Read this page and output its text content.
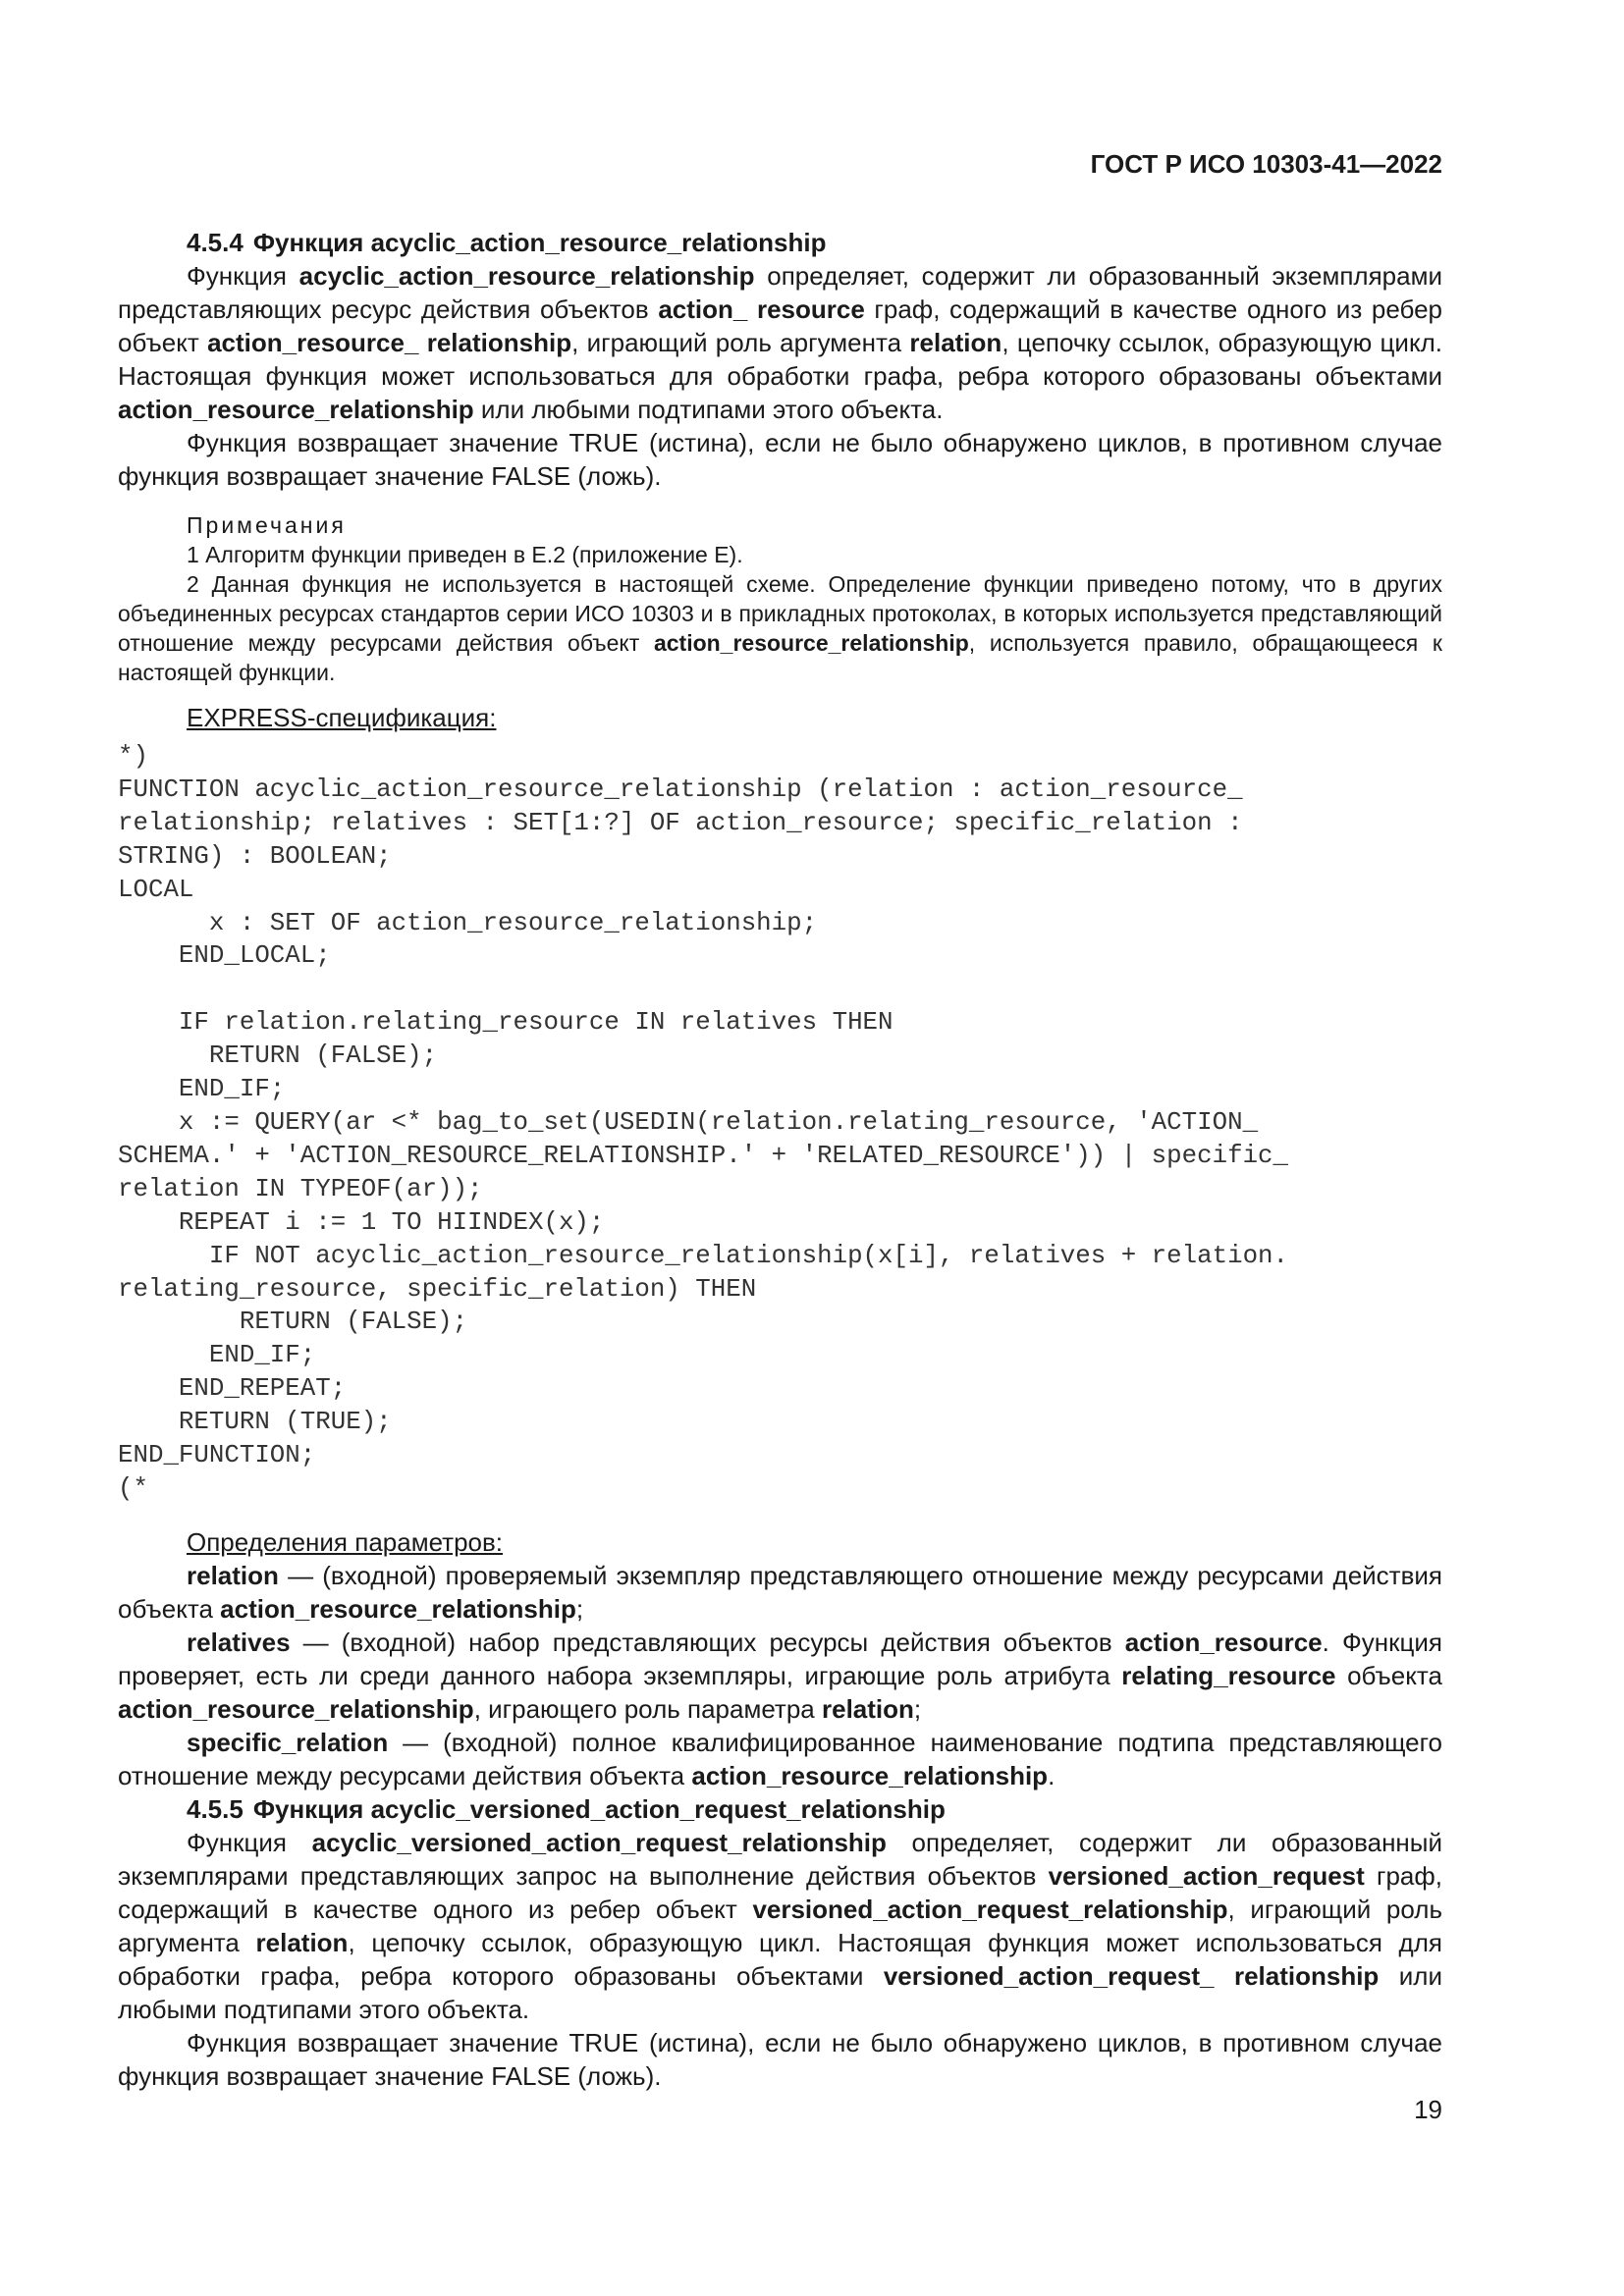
ГОСТ Р ИСО 10303-41—2022

4.5.4 Функция acyclic_action_resource_relationship

Функция acyclic_action_resource_relationship определяет, содержит ли образованный экземплярами представляющих ресурс действия объектов action_ resource граф, содержащий в качестве одного из ребер объект action_resource_ relationship, играющий роль аргумента relation, цепочку ссылок, образующую цикл. Настоящая функция может использоваться для обработки графа, ребра которого образованы объектами action_resource_relationship или любыми подтипами этого объекта.

Функция возвращает значение TRUE (истина), если не было обнаружено циклов, в противном случае функция возвращает значение FALSE (ложь).

Примечания

1 Алгоритм функции приведен в Е.2 (приложение Е).

2 Данная функция не используется в настоящей схеме. Определение функции приведено потому, что в других объединенных ресурсах стандартов серии ИСО 10303 и в прикладных протоколах, в которых используется представляющий отношение между ресурсами действия объект action_resource_relationship, используется правило, обращающееся к настоящей функции.

EXPRESS-спецификация:

*)
FUNCTION acyclic_action_resource_relationship (relation : action_resource_
relationship; relatives : SET[1:?] OF action_resource; specific_relation :
STRING) : BOOLEAN;
LOCAL
x : SET OF action_resource_relationship;
END_LOCAL;

IF relation.relating_resource IN relatives THEN
RETURN (FALSE);
END_IF;
x := QUERY(ar <* bag_to_set(USEDIN(relation.relating_resource, 'ACTION_
SCHEMA.' + 'ACTION_RESOURCE_RELATIONSHIP.' + 'RELATED_RESOURCE')) | specific_
relation IN TYPEOF(ar));
REPEAT i := 1 TO HIINDEX(x);
IF NOT acyclic_action_resource_relationship(x[i], relatives + relation.
relating_resource, specific_relation) THEN
RETURN (FALSE);
END_IF;
END_REPEAT;
RETURN (TRUE);
END_FUNCTION;
(*

Определения параметров:

relation — (входной) проверяемый экземпляр представляющего отношение между ресурсами действия объекта action_resource_relationship;

relatives — (входной) набор представляющих ресурсы действия объектов action_resource. Функция проверяет, есть ли среди данного набора экземпляры, играющие роль атрибута relating_resource объекта action_resource_relationship, играющего роль параметра relation;

specific_relation — (входной) полное квалифицированное наименование подтипа представляющего отношение между ресурсами действия объекта action_resource_relationship.

4.5.5 Функция acyclic_versioned_action_request_relationship

Функция acyclic_versioned_action_request_relationship определяет, содержит ли образованный экземплярами представляющих запрос на выполнение действия объектов versioned_action_request граф, содержащий в качестве одного из ребер объект versioned_action_request_relationship, играющий роль аргумента relation, цепочку ссылок, образующую цикл. Настоящая функция может использоваться для обработки графа, ребра которого образованы объектами versioned_action_request_ relationship или любыми подтипами этого объекта.

Функция возвращает значение TRUE (истина), если не было обнаружено циклов, в противном случае функция возвращает значение FALSE (ложь).

19
